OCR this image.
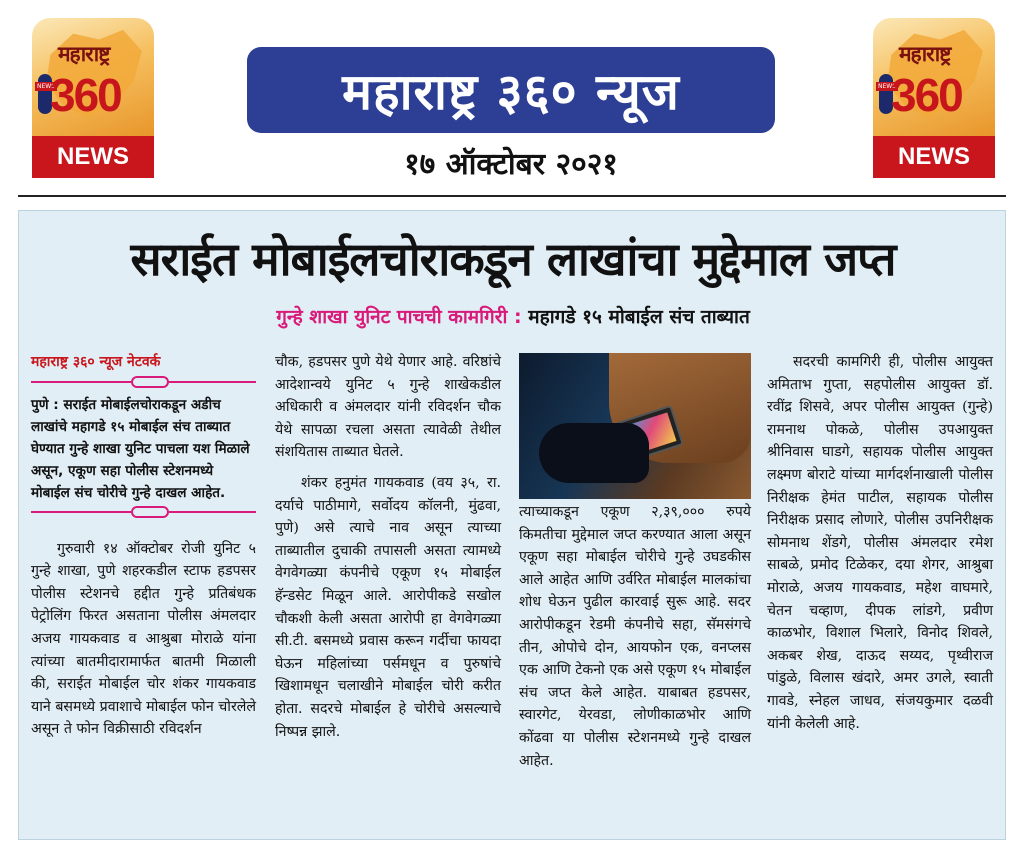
महाराष्ट्र
NEWS
360
NEWS
महाराष्ट्र ३६० न्यूज
१७ ऑक्टोबर २०२१
महाराष्ट्र
NEWS
360
NEWS
सराईत मोबाईलचोराकडून लाखांचा मुद्देमाल जप्त
गुन्हे शाखा युनिट पाचची कामगिरी : महागडे १५ मोबाईल संच ताब्यात
महाराष्ट्र ३६० न्यूज नेटवर्क

पुणे : सराईत मोबाईलचोराकडून अडीच लाखांचे महागडे १५ मोबाईल संच ताब्यात घेण्यात गुन्हे शाखा युनिट पाचला यश मिळाले असून, एकूण सहा पोलीस स्टेशनमध्ये मोबाईल संच चोरीचे गुन्हे दाखल आहेत.

गुरुवारी १४ ऑक्टोबर रोजी युनिट ५ गुन्हे शाखा, पुणे शहरकडील स्टाफ हडपसर पोलीस स्टेशनचे हद्दीत गुन्हे प्रतिबंधक पेट्रोलिंग फिरत असताना पोलीस अंमलदार अजय गायकवाड व आश्रुबा मोराळे यांना त्यांच्या बातमीदारामार्फत बातमी मिळाली की, सराईत मोबाईल चोर शंकर गायकवाड याने बसमध्ये प्रवाशाचे मोबाईल फोन चोरलेले असून ते फोन विक्रीसाठी रविदर्शन

चौक, हडपसर पुणे येथे येणार आहे. वरिष्ठांचे आदेशान्वये युनिट ५ गुन्हे शाखेकडील अधिकारी व अंमलदार यांनी रविदर्शन चौक येथे सापळा रचला असता त्यावेळी तेथील संशयितास ताब्यात घेतले.

शंकर हनुमंत गायकवाड (वय ३५, रा. दर्याचे पाठीमागे, सर्वोदय कॉलनी, मुंढवा, पुणे) असे त्याचे नाव असून त्याच्या ताब्यातील दुचाकी तपासली असता त्यामध्ये वेगवेगळ्या कंपनीचे एकूण १५ मोबाईल हॅन्डसेट मिळून आले. आरोपीकडे सखोल चौकशी केली असता आरोपी हा वेगवेगळ्या सी.टी. बसमध्ये प्रवास करून गर्दीचा फायदा घेऊन महिलांच्या पर्समधून व पुरुषांचे खिशामधून चलाखीने मोबाईल चोरी करीत होता. सदरचे मोबाईल हे चोरीचे असल्याचे निष्पन्न झाले.

त्याच्याकडून एकूण २,३९,००० रुपये किमतीचा मुद्देमाल जप्त करण्यात आला असून एकूण सहा मोबाईल चोरीचे गुन्हे उघडकीस आले आहेत आणि उर्वरित मोबाईल मालकांचा शोध घेऊन पुढील कारवाई सुरू आहे. सदर आरोपीकडून रेडमी कंपनीचे सहा, सॅमसंगचे तीन, ओपोचे दोन, आयफोन एक, वनप्लस एक आणि टेकनो एक असे एकूण १५ मोबाईल संच जप्त केले आहेत. याबाबत हडपसर, स्वारगेट, येरवडा, लोणीकाळभोर आणि कोंढवा या पोलीस स्टेशनमध्ये गुन्हे दाखल आहेत.

सदरची कामगिरी ही, पोलीस आयुक्त अमिताभ गुप्ता, सहपोलीस आयुक्त डॉ. रवींद्र शिसवे, अपर पोलीस आयुक्त (गुन्हे) रामनाथ पोकळे, पोलीस उपआयुक्त श्रीनिवास घाडगे, सहायक पोलीस आयुक्त लक्ष्मण बोराटे यांच्या मार्गदर्शनाखाली पोलीस निरीक्षक हेमंत पाटील, सहायक पोलीस निरीक्षक प्रसाद लोणारे, पोलीस उपनिरीक्षक सोमनाथ शेंडगे, पोलीस अंमलदार रमेश साबळे, प्रमोद टिळेकर, दया शेगर, आश्रुबा मोराळे, अजय गायकवाड, महेश वाघमारे, चेतन चव्हाण, दीपक लांडगे, प्रवीण काळभोर, विशाल भिलारे, विनोद शिवले, अकबर शेख, दाऊद सय्यद, पृथ्वीराज पांडुळे, विलास खंदारे, अमर उगले, स्वाती गावडे, स्नेहल जाधव, संजयकुमार दळवी यांनी केलेली आहे.
